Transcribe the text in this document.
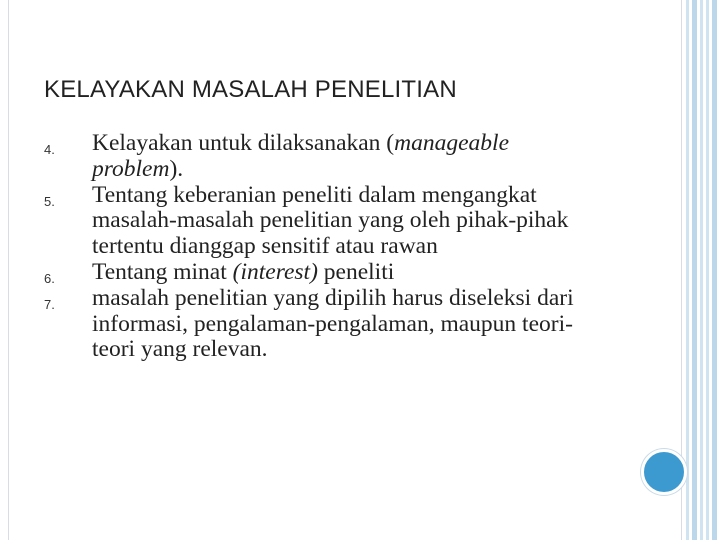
KELAYAKAN MASALAH PENELITIAN
4. Kelayakan untuk dilaksanakan (manageable problem).
5. Tentang keberanian peneliti dalam mengangkat masalah-masalah penelitian yang oleh pihak-pihak tertentu dianggap sensitif atau rawan
6. Tentang minat (interest) peneliti
7. masalah penelitian yang dipilih harus diseleksi dari informasi, pengalaman-pengalaman, maupun teori-teori yang relevan.
